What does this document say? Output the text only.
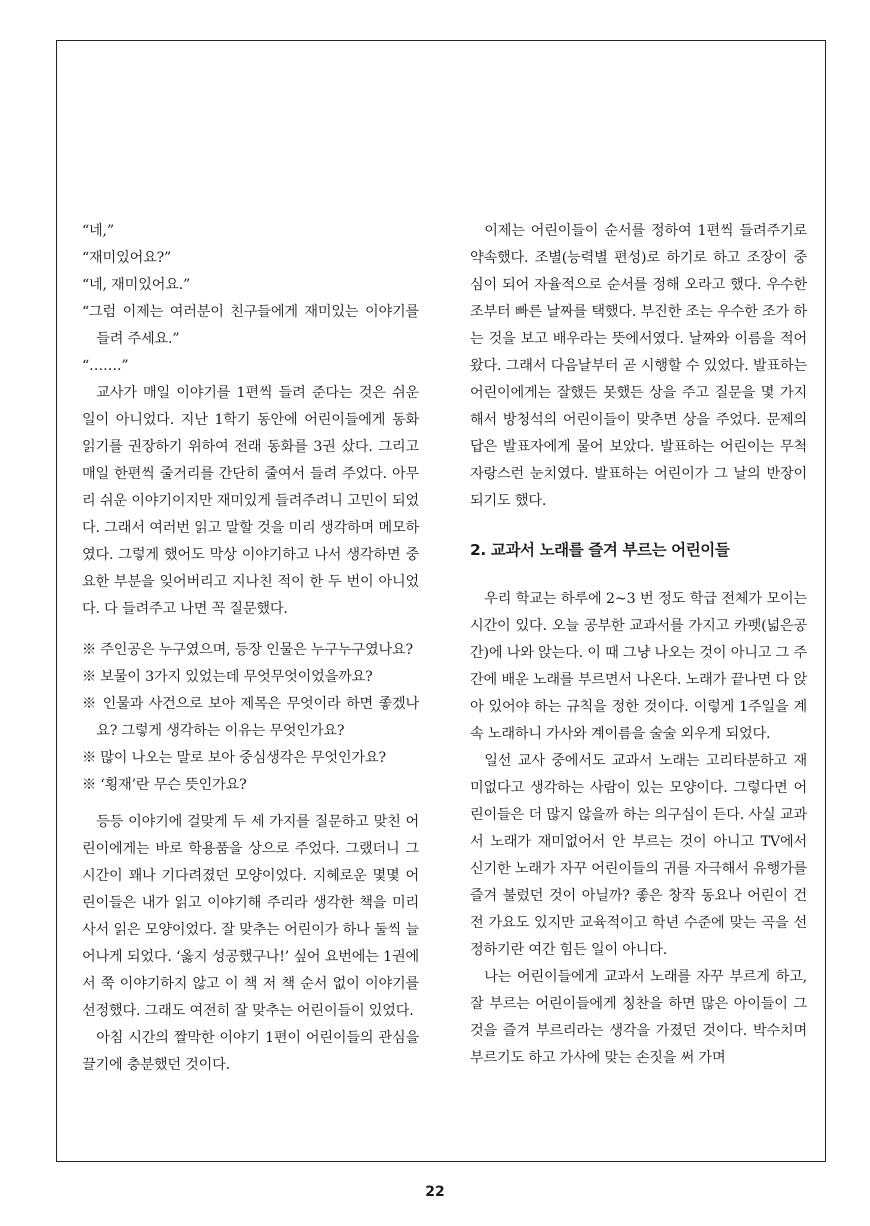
“네,”

“재미있어요?”

“네, 재미있어요.”

“그럼 이제는 여러분이 친구들에게 재미있는 이야기를 들려 주세요.”

“…….”

교사가 매일 이야기를 1편씩 들려 준다는 것은 쉬운 일이 아니었다. 지난 1학기 동안에 어린이들에게 동화 읽기를 권장하기 위하여 전래 동화를 3권 샀다. 그리고 매일 한편씩 줄거리를 간단히 줄여서 들려 주었다. 아무리 쉬운 이야기이지만 재미있게 들려주려니 고민이 되었다. 그래서 여러번 읽고 말할 것을 미리 생각하며 메모하였다. 그렇게 했어도 막상 이야기하고 나서 생각하면 중요한 부분을 잊어버리고 지나친 적이 한 두 번이 아니었다. 다 들려주고 나면 꼭 질문했다.

※ 주인공은 누구였으며, 등장 인물은 누구누구였나요?

※ 보물이 3가지 있었는데 무엇무엇이었을까요?

※ 인물과 사건으로 보아 제목은 무엇이라 하면 좋겠나요? 그렇게 생각하는 이유는 무엇인가요?

※ 많이 나오는 말로 보아 중심생각은 무엇인가요?

※ ‘횡재’란 무슨 뜻인가요?

등등 이야기에 걸맞게 두 세 가지를 질문하고 맞친 어린이에게는 바로 학용품을 상으로 주었다. 그랬더니 그 시간이 꽤나 기다려졌던 모양이었다. 지혜로운 몇몇 어린이들은 내가 읽고 이야기해 주리라 생각한 책을 미리 사서 읽은 모양이었다. 잘 맞추는 어린이가 하나 둘씩 늘어나게 되었다. ‘옳지 성공했구나!’ 싶어 요번에는 1권에서 쭉 이야기하지 않고 이 책 저 책 순서 없이 이야기를 선정했다. 그래도 여전히 잘 맞추는 어린이들이 있었다.

아침 시간의 짤막한 이야기 1편이 어린이들의 관심을 끌기에 충분했던 것이다.

이제는 어린이들이 순서를 정하여 1편씩 들려주기로 약속했다. 조별(능력별 편성)로 하기로 하고 조장이 중심이 되어 자율적으로 순서를 정해 오라고 했다. 우수한 조부터 빠른 날짜를 택했다. 부진한 조는 우수한 조가 하는 것을 보고 배우라는 뜻에서였다. 날짜와 이름을 적어 왔다. 그래서 다음날부터 곧 시행할 수 있었다. 발표하는 어린이에게는 잘했든 못했든 상을 주고 질문을 몇 가지 해서 방청석의 어린이들이 맞추면 상을 주었다. 문제의 답은 발표자에게 물어 보았다. 발표하는 어린이는 무척 자랑스런 눈치였다. 발표하는 어린이가 그 날의 반장이 되기도 했다.

2. 교과서 노래를 즐겨 부르는 어린이들

우리 학교는 하루에 2~3 번 정도 학급 전체가 모이는 시간이 있다. 오늘 공부한 교과서를 가지고 카펫(넓은공간)에 나와 앉는다. 이 때 그냥 나오는 것이 아니고 그 주간에 배운 노래를 부르면서 나온다. 노래가 끝나면 다 앉아 있어야 하는 규칙을 정한 것이다. 이렇게 1주일을 계속 노래하니 가사와 계이름을 술술 외우게 되었다.

일선 교사 중에서도 교과서 노래는 고리타분하고 재미없다고 생각하는 사람이 있는 모양이다. 그렇다면 어린이들은 더 많지 않을까 하는 의구심이 든다. 사실 교과서 노래가 재미없어서 안 부르는 것이 아니고 TV에서 신기한 노래가 자꾸 어린이들의 귀를 자극해서 유행가를 즐겨 불렀던 것이 아닐까? 좋은 창작 동요나 어린이 건전 가요도 있지만 교육적이고 학년 수준에 맞는 곡을 선정하기란 여간 힘든 일이 아니다.

나는 어린이들에게 교과서 노래를 자꾸 부르게 하고, 잘 부르는 어린이들에게 칭찬을 하면 많은 아이들이 그것을 즐겨 부르리라는 생각을 가졌던 것이다. 박수치며 부르기도 하고 가사에 맞는 손짓을 써 가며

22
